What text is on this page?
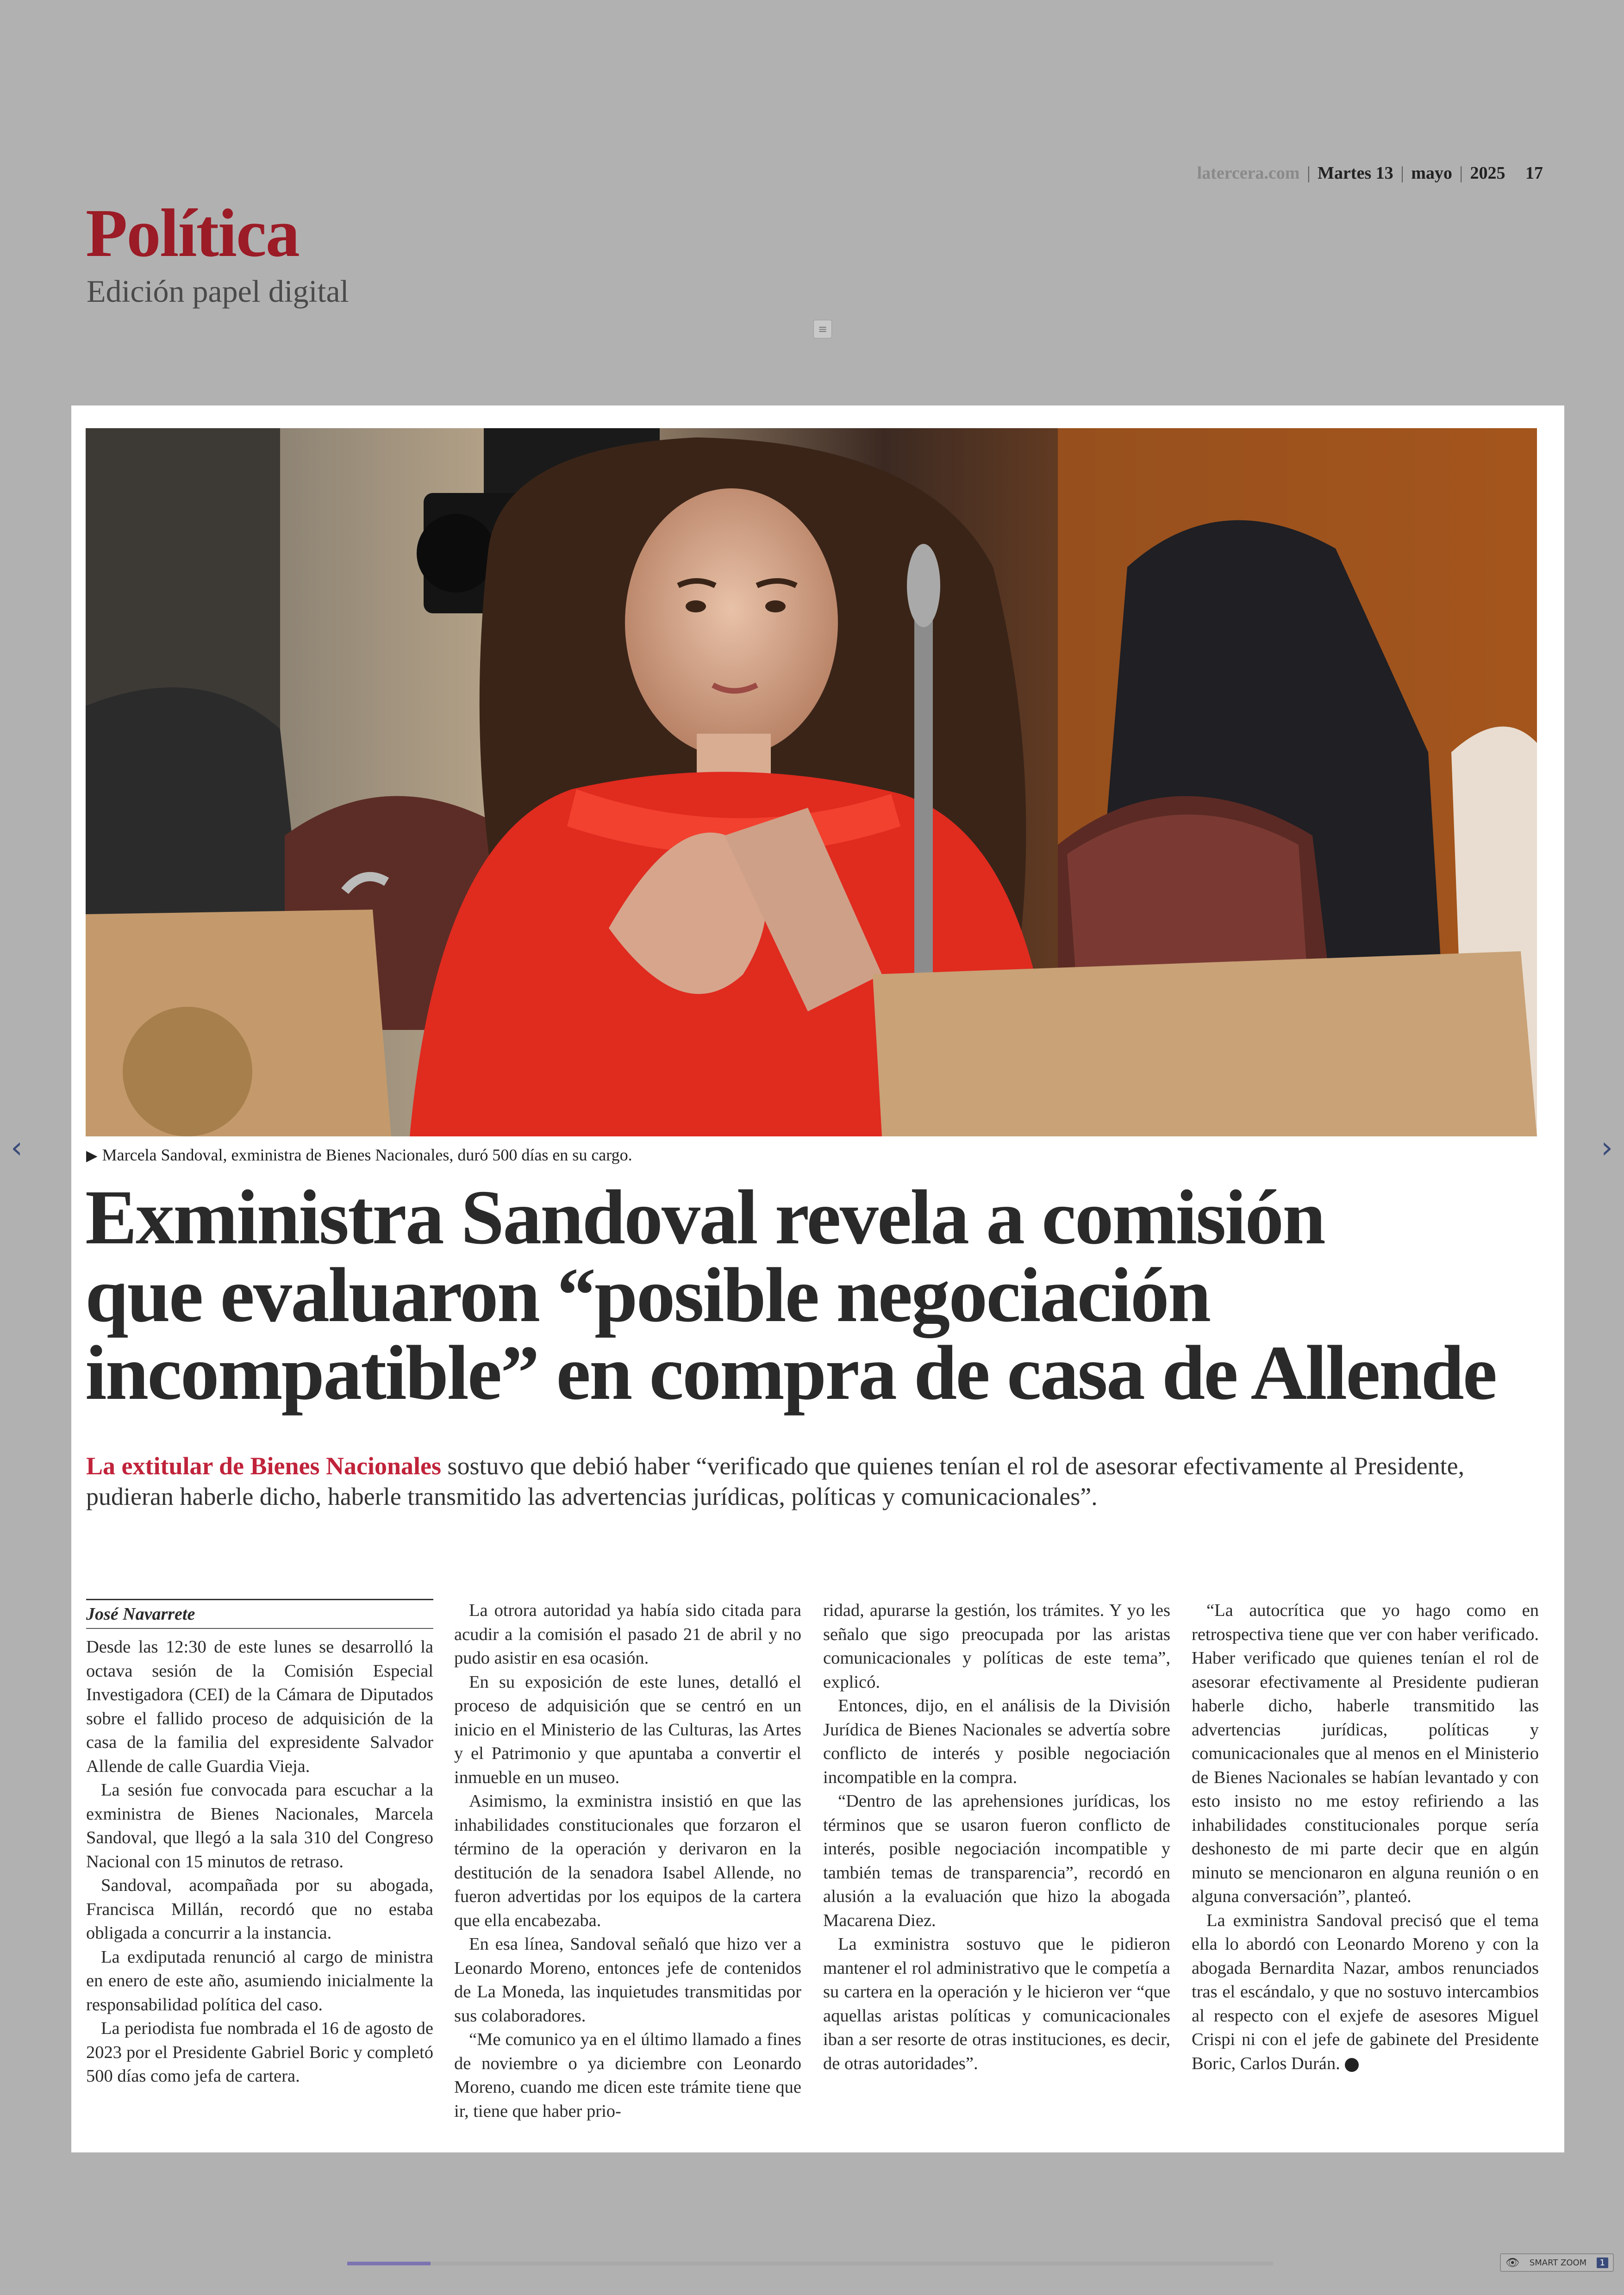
latercera.com | Martes 13 | mayo | 2025 17
Política
Edición papel digital
≡
▶ Marcela Sandoval, exministra de Bienes Nacionales, duró 500 días en su cargo.
Exministra Sandoval revela a comisión
que evaluaron “posible negociación
incompatible” en compra de casa de Allende

La extitular de Bienes Nacionales sostuvo que debió haber “verificado que quienes tenían el rol de asesorar efectivamente al Presidente, pudieran haberle dicho, haberle transmitido las advertencias jurídicas, políticas y comunicacionales”.

José Navarrete

Desde las 12:30 de este lunes se desarrolló la octava sesión de la Comisión Especial Investigadora (CEI) de la Cámara de Diputados sobre el fallido proceso de adquisición de la casa de la familia del expresidente Salvador Allende de calle Guardia Vieja.

La sesión fue convocada para escuchar a la exministra de Bienes Nacionales, Marcela Sandoval, que llegó a la sala 310 del Congreso Nacional con 15 minutos de retraso.

Sandoval, acompañada por su abogada, Francisca Millán, recordó que no estaba obligada a concurrir a la instancia.

La exdiputada renunció al cargo de ministra en enero de este año, asumiendo inicialmente la responsabilidad política del caso.

La periodista fue nombrada el 16 de agosto de 2023 por el Presidente Gabriel Boric y completó 500 días como jefa de cartera.

La otrora autoridad ya había sido citada para acudir a la comisión el pasado 21 de abril y no pudo asistir en esa ocasión.

En su exposición de este lunes, detalló el proceso de adquisición que se centró en un inicio en el Ministerio de las Culturas, las Artes y el Patrimonio y que apuntaba a convertir el inmueble en un museo.

Asimismo, la exministra insistió en que las inhabilidades constitucionales que forzaron el término de la operación y derivaron en la destitución de la senadora Isabel Allende, no fueron advertidas por los equipos de la cartera que ella encabezaba.

En esa línea, Sandoval señaló que hizo ver a Leonardo Moreno, entonces jefe de contenidos de La Moneda, las inquietudes transmitidas por sus colaboradores.

“Me comunico ya en el último llamado a fines de noviembre o ya diciembre con Leonardo Moreno, cuando me dicen este trámite tiene que ir, tiene que haber prio-

ridad, apurarse la gestión, los trámites. Y yo les señalo que sigo preocupada por las aristas comunicacionales y políticas de este tema”, explicó.

Entonces, dijo, en el análisis de la División Jurídica de Bienes Nacionales se advertía sobre conflicto de interés y posible negociación incompatible en la compra.

“Dentro de las aprehensiones jurídicas, los términos que se usaron fueron conflicto de interés, posible negociación incompatible y también temas de transparencia”, recordó en alusión a la evaluación que hizo la abogada Macarena Diez.

La exministra sostuvo que le pidieron mantener el rol administrativo que le competía a su cartera en la operación y le hicieron ver “que aquellas aristas políticas y comunicacionales iban a ser resorte de otras instituciones, es decir, de otras autoridades”.

“La autocrítica que yo hago como en retrospectiva tiene que ver con haber verificado. Haber verificado que quienes tenían el rol de asesorar efectivamente al Presidente pudieran haberle dicho, haberle transmitido las advertencias jurídicas, políticas y comunicacionales que al menos en el Ministerio de Bienes Nacionales se habían levantado y con esto insisto no me estoy refiriendo a las inhabilidades constitucionales porque sería deshonesto de mi parte decir que en algún minuto se mencionaron en alguna reunión o en alguna conversación”, planteó.

La exministra Sandoval precisó que el tema ella lo abordó con Leonardo Moreno y con la abogada Bernardita Nazar, ambos renunciados tras el escándalo, y que no sostuvo intercambios al respecto con el exjefe de asesores Miguel Crispi ni con el jefe de gabinete del Presidente Boric, Carlos Durán.

‹	›
👁 SMART ZOOM	1
